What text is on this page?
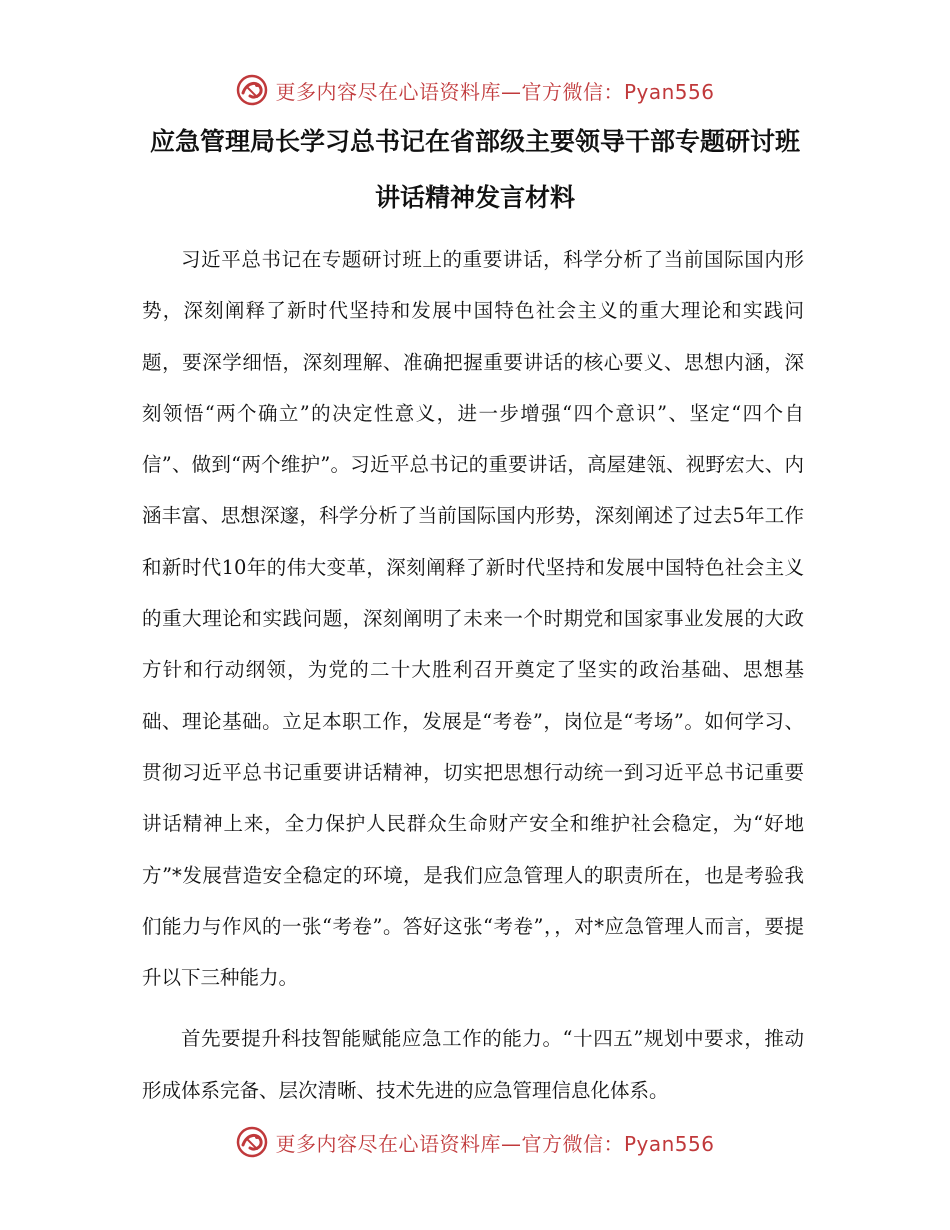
更多内容尽在心语资料库—官方微信：Pyan556
应急管理局长学习总书记在省部级主要领导干部专题研讨班
讲话精神发言材料

习近平总书记在专题研讨班上的重要讲话，科学分析了当前国际国内形势，深刻阐释了新时代坚持和发展中国特色社会主义的重大理论和实践问题，要深学细悟，深刻理解、准确把握重要讲话的核心要义、思想内涵，深刻领悟“两个确立”的决定性意义，进一步增强“四个意识”、坚定“四个自信”、做到“两个维护”。习近平总书记的重要讲话，高屋建瓴、视野宏大、内涵丰富、思想深邃，科学分析了当前国际国内形势，深刻阐述了过去5年工作和新时代10年的伟大变革，深刻阐释了新时代坚持和发展中国特色社会主义的重大理论和实践问题，深刻阐明了未来一个时期党和国家事业发展的大政方针和行动纲领，为党的二十大胜利召开奠定了坚实的政治基础、思想基础、理论基础。立足本职工作，发展是“考卷”，岗位是“考场”。如何学习、贯彻习近平总书记重要讲话精神，切实把思想行动统一到习近平总书记重要讲话精神上来，全力保护人民群众生命财产安全和维护社会稳定，为“好地方”*发展营造安全稳定的环境，是我们应急管理人的职责所在，也是考验我们能力与作风的一张“考卷”。答好这张“考卷”，，对*应急管理人而言，要提升以下三种能力。

首先要提升科技智能赋能应急工作的能力。“十四五”规划中要求，推动形成体系完备、层次清晰、技术先进的应急管理信息化体系。

更多内容尽在心语资料库—官方微信：Pyan556
